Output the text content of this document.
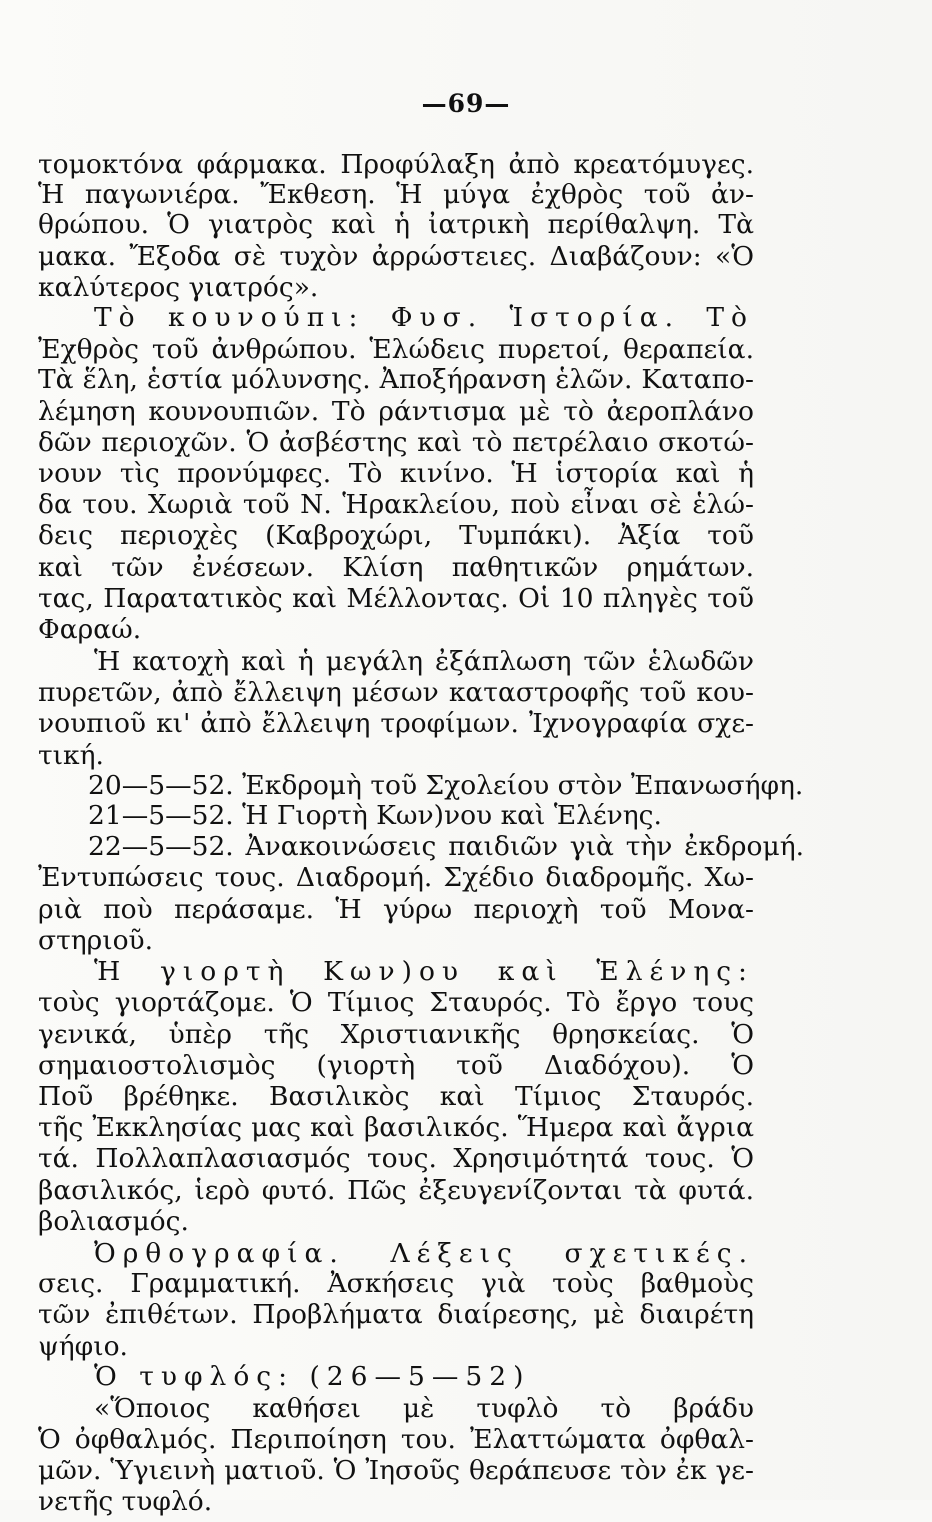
—69—
τομοκτόνα φάρμακα. Προφύλαξη ἀπὸ κρεατόμυγες.
Ἡ παγωνιέρα. Ἔκθεση. Ἡ μύγα ἐχθρὸς τοῦ ἀν-
θρώπου. Ὁ γιατρὸς καὶ ἡ ἰατρικὴ περίθαλψη. Τὰ
μακα. Ἔξοδα σὲ τυχὸν ἀρρώστειες. Διαβάζουν: «Ὁ
καλύτερος γιατρός».
Τὸ κουνούπι: Φυσ. Ἱστορία. Τὸ
Ἐχθρὸς τοῦ ἀνθρώπου. Ἑλώδεις πυρετοί, θεραπεία.
Τὰ ἕλη, ἑστία μόλυνσης. Ἀποξήρανση ἑλῶν. Καταπο-
λέμηση κουνουπιῶν. Τὸ ράντισμα μὲ τὸ ἀεροπλάνο
δῶν περιοχῶν. Ὁ ἀσβέστης καὶ τὸ πετρέλαιο σκοτώ-
νουν τὶς προνύμφες. Τὸ κινίνο. Ἡ ἱστορία καὶ ἡ
δα του. Χωριὰ τοῦ Ν. Ἡρακλείου, ποὺ εἶναι σὲ ἑλώ-
δεις περιοχὲς (Καβροχώρι, Τυμπάκι). Ἀξία τοῦ
καὶ τῶν ἐνέσεων. Κλίση παθητικῶν ρημάτων.
τας, Παρατατικὸς καὶ Μέλλοντας. Οἱ 10 πληγὲς τοῦ
Φαραώ.
Ἡ κατοχὴ καὶ ἡ μεγάλη ἐξάπλωση τῶν ἑλωδῶν
πυρετῶν, ἀπὸ ἔλλειψη μέσων καταστροφῆς τοῦ κου-
νουπιοῦ κι' ἀπὸ ἔλλειψη τροφίμων. Ἰχνογραφία σχε-
τική.
20—5—52. Ἐκδρομὴ τοῦ Σχολείου στὸν Ἐπανωσήφη.
21—5—52. Ἡ Γιορτὴ Κων)νου καὶ Ἑλένης.
22—5—52. Ἀνακοινώσεις παιδιῶν γιὰ τὴν ἐκδρομή.
Ἐντυπώσεις τους. Διαδρομή. Σχέδιο διαδρομῆς. Χω-
ριὰ ποὺ περάσαμε. Ἡ γύρω περιοχὴ τοῦ Μονα-
στηριοῦ.
Ἡ γιορτὴ Κων)ου καὶ Ἑλένης:
τοὺς γιορτάζομε. Ὁ Τίμιος Σταυρός. Τὸ ἔργο τους
γενικά, ὑπὲρ τῆς Χριστιανικῆς θρησκείας. Ὁ
σημαιοστολισμὸς (γιορτὴ τοῦ Διαδόχου). Ὁ
Ποῦ βρέθηκε. Βασιλικὸς καὶ Τίμιος Σταυρός.
τῆς Ἐκκλησίας μας καὶ βασιλικός. Ἥμερα καὶ ἄγρια
τά. Πολλαπλασιασμός τους. Χρησιμότητά τους. Ὁ
βασιλικός, ἱερὸ φυτό. Πῶς ἐξευγενίζονται τὰ φυτά.
βολιασμός.
Ὀρθογραφία. Λέξεις σχετικές.
σεις. Γραμματική. Ἀσκήσεις γιὰ τοὺς βαθμοὺς
τῶν ἐπιθέτων. Προβλήματα διαίρεσης, μὲ διαιρέτη
ψήφιο.
Ὁ τυφλός: (26—5—52)
«Ὅποιος καθήσει μὲ τυφλὸ τὸ βράδυ
Ὁ ὀφθαλμός. Περιποίηση του. Ἐλαττώματα ὀφθαλ-
μῶν. Ὑγιεινὴ ματιοῦ. Ὁ Ἰησοῦς θεράπευσε τὸν ἐκ γε-
νετῆς τυφλό.
